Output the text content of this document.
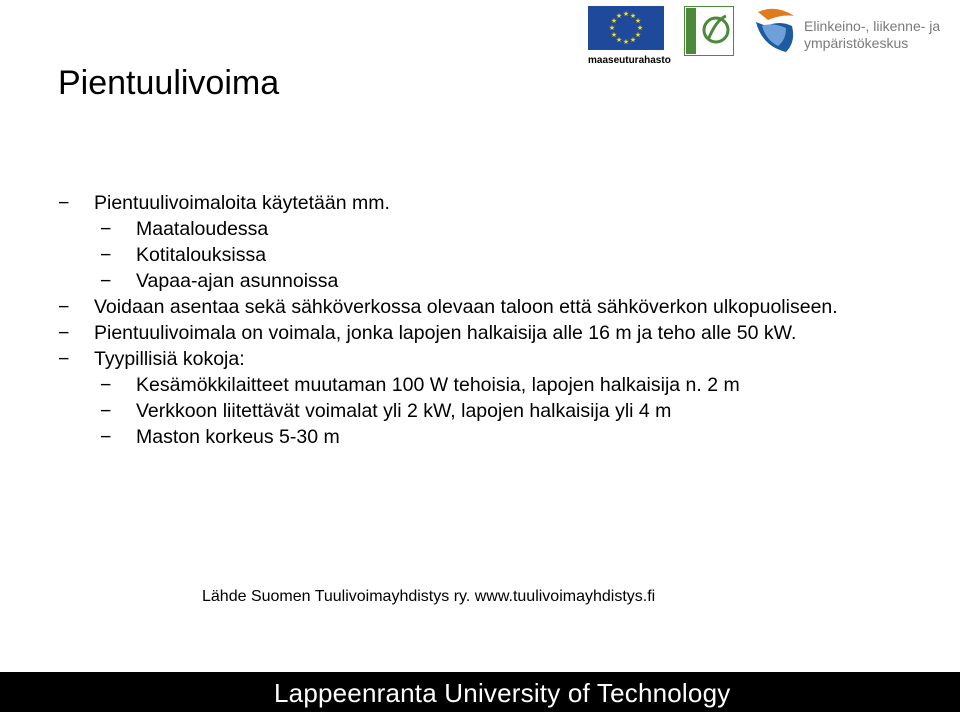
★ ★
★
★
★
★
★
★
★
★
★
★
maaseuturahasto
Elinkeino-, liikenne- ja
ympäristökeskus
Pientuulivoima
− Pientuulivoimaloita käytetään mm.
− Maataloudessa
− Kotitalouksissa
− Vapaa-ajan asunnoissa
− Voidaan asentaa sekä sähköverkossa olevaan taloon että sähköverkon ulkopuoliseen.
− Pientuulivoimala on voimala, jonka lapojen halkaisija alle 16 m ja teho alle 50 kW.
− Tyypillisiä kokoja:
− Kesämökkilaitteet muutaman 100 W tehoisia, lapojen halkaisija n. 2 m
− Verkkoon liitettävät voimalat yli 2 kW, lapojen halkaisija yli 4 m
− Maston korkeus 5-30 m
Lähde Suomen Tuulivoimayhdistys ry. www.tuulivoimayhdistys.fi
Lappeenranta University of Technology
